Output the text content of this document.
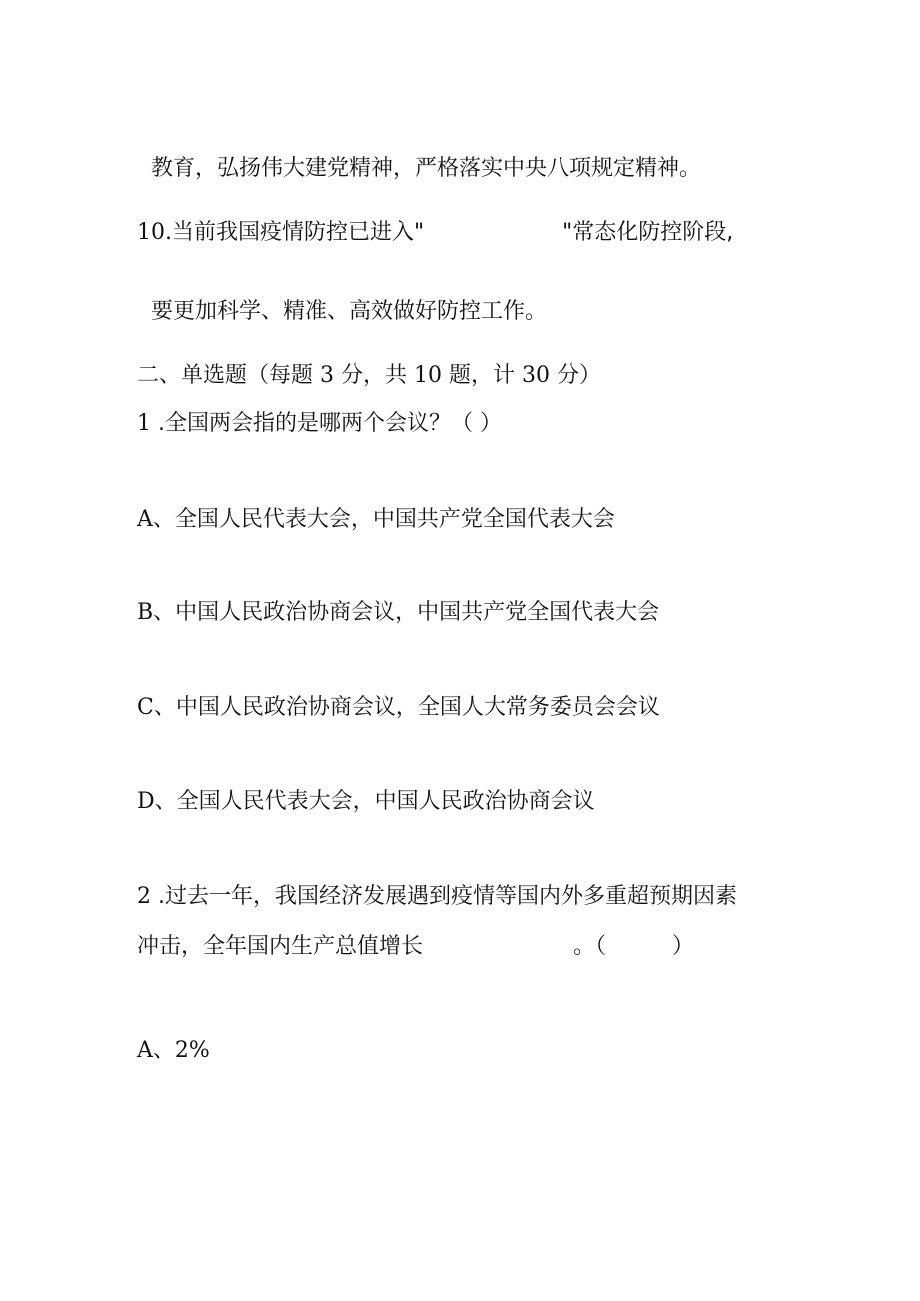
教育，弘扬伟大建党精神，严格落实中央八项规定精神。

10.当前我国疫情防控已进入"	"常态化防控阶段,

要更加科学、精准、高效做好防控工作。

二、单选题（每题 3 分，共 10 题，计 30 分）
1 .全国两会指的是哪两个会议？（ ）
A、全国人民代表大会，中国共产党全国代表大会
B、中国人民政治协商会议，中国共产党全国代表大会
C、中国人民政治协商会议，全国人大常务委员会会议
D、全国人民代表大会，中国人民政治协商会议
2 .过去一年，我国经济发展遇到疫情等国内外多重超预期因素
冲击，全年国内生产总值增长	。（	）
A、2%
